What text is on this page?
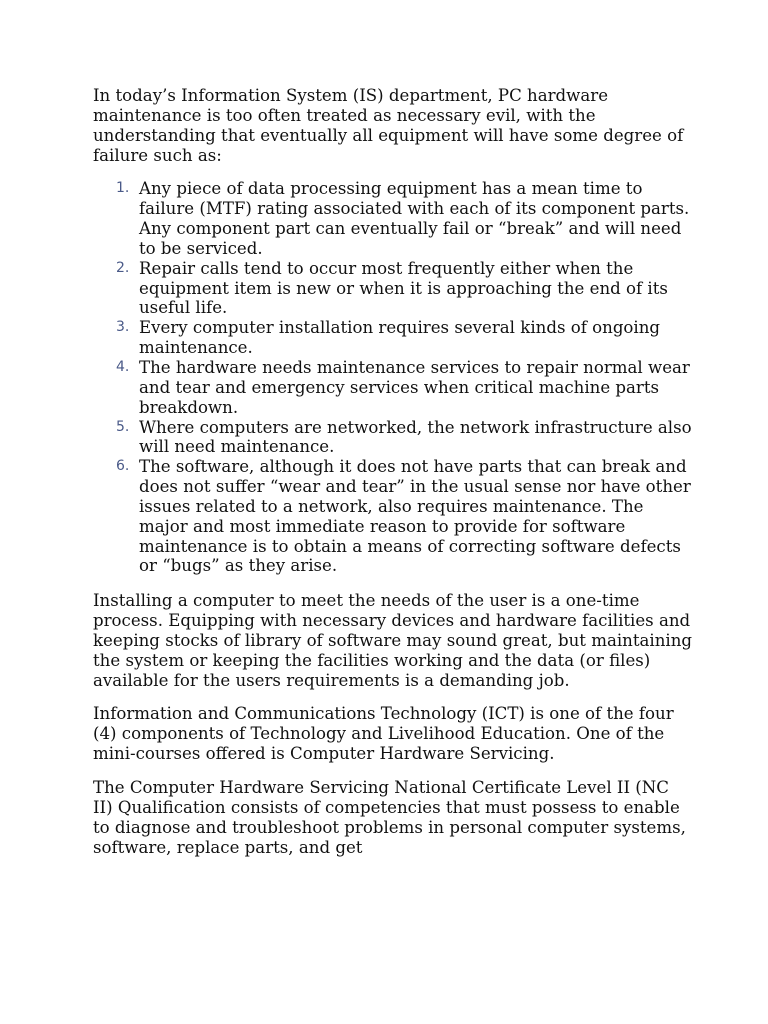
In today’s Information System (IS) department, PC hardware maintenance is too often treated as necessary evil, with the understanding that eventually all equipment will have some degree of failure such as:

1. Any piece of data processing equipment has a mean time to failure (MTF) rating associated with each of its component parts. Any component part can eventually fail or “break” and will need to be serviced.
2. Repair calls tend to occur most frequently either when the equipment item is new or when it is approaching the end of its useful life.
3. Every computer installation requires several kinds of ongoing maintenance.
4. The hardware needs maintenance services to repair normal wear and tear and emergency services when critical machine parts breakdown.
5. Where computers are networked, the network infrastructure also will need maintenance.
6. The software, although it does not have parts that can break and does not suffer “wear and tear” in the usual sense nor have other issues related to a network, also requires maintenance. The major and most immediate reason to provide for software maintenance is to obtain a means of correcting software defects or “bugs” as they arise.

Installing a computer to meet the needs of the user is a one-time process. Equipping with necessary devices and hardware facilities and keeping stocks of library of software may sound great, but maintaining the system or keeping the facilities working and the data (or files) available for the users requirements is a demanding job.

Information and Communications Technology (ICT) is one of the four (4) components of Technology and Livelihood Education. One of the mini-courses offered is Computer Hardware Servicing.

The Computer Hardware Servicing National Certificate Level II (NC II) Qualification consists of competencies that must possess to enable to diagnose and troubleshoot problems in personal computer systems, software, replace parts, and get
